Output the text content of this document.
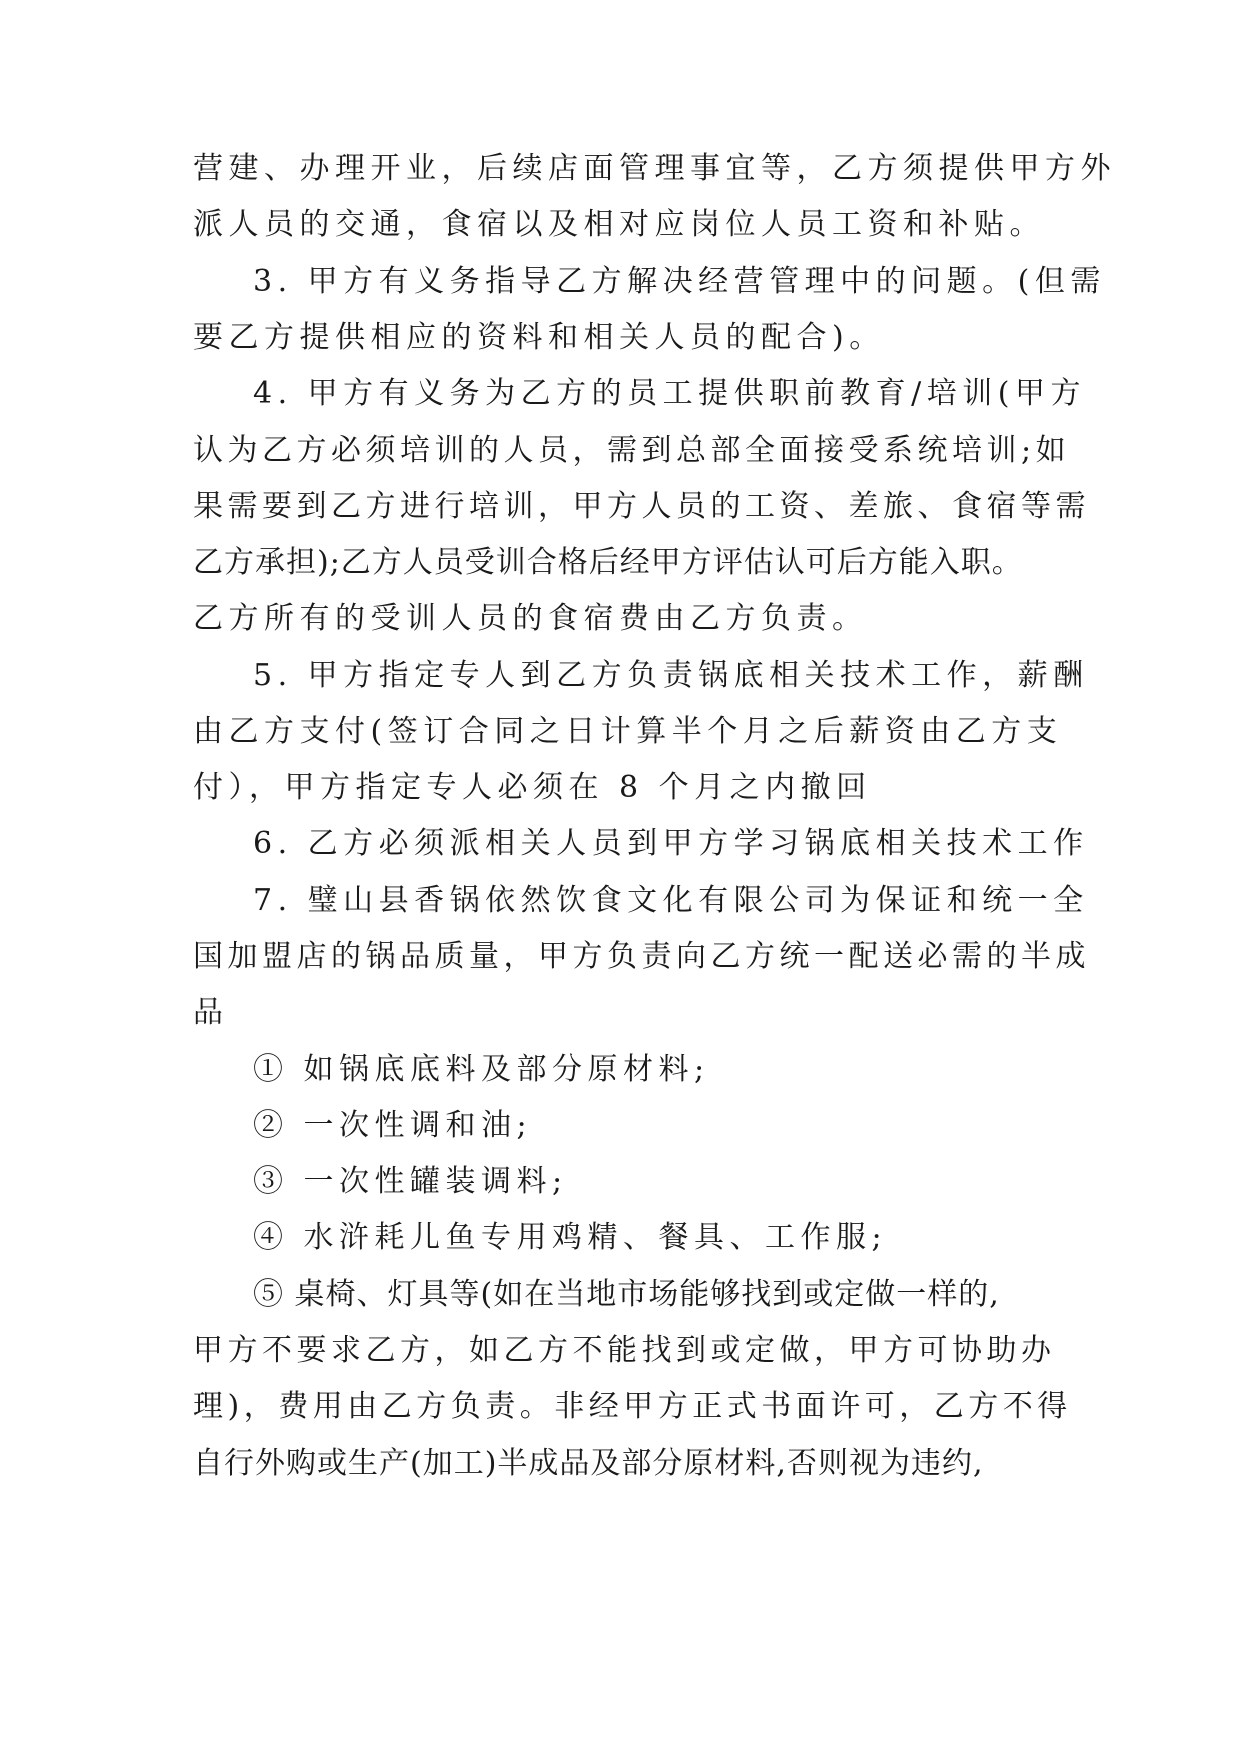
营建、办理开业，后续店面管理事宜等，乙方须提供甲方外

派人员的交通，食宿以及相对应岗位人员工资和补贴。

3. 甲方有义务指导乙方解决经营管理中的问题。(但需

要乙方提供相应的资料和相关人员的配合)。

4. 甲方有义务为乙方的员工提供职前教育/培训(甲方

认为乙方必须培训的人员，需到总部全面接受系统培训;如

果需要到乙方进行培训，甲方人员的工资、差旅、食宿等需

乙方承担);乙方人员受训合格后经甲方评估认可后方能入职。

乙方所有的受训人员的食宿费由乙方负责。

5. 甲方指定专人到乙方负责锅底相关技术工作，薪酬

由乙方支付(签订合同之日计算半个月之后薪资由乙方支

付），甲方指定专人必须在 8 个月之内撤回

6. 乙方必须派相关人员到甲方学习锅底相关技术工作

7. 璧山县香锅依然饮食文化有限公司为保证和统一全

国加盟店的锅品质量，甲方负责向乙方统一配送必需的半成

品

① 如锅底底料及部分原材料;

② 一次性调和油;

③ 一次性罐装调料;

④ 水浒耗儿鱼专用鸡精、餐具、工作服;

⑤ 桌椅、灯具等(如在当地市场能够找到或定做一样的,

甲方不要求乙方，如乙方不能找到或定做，甲方可协助办

理)，费用由乙方负责。非经甲方正式书面许可，乙方不得

自行外购或生产(加工)半成品及部分原材料,否则视为违约,
